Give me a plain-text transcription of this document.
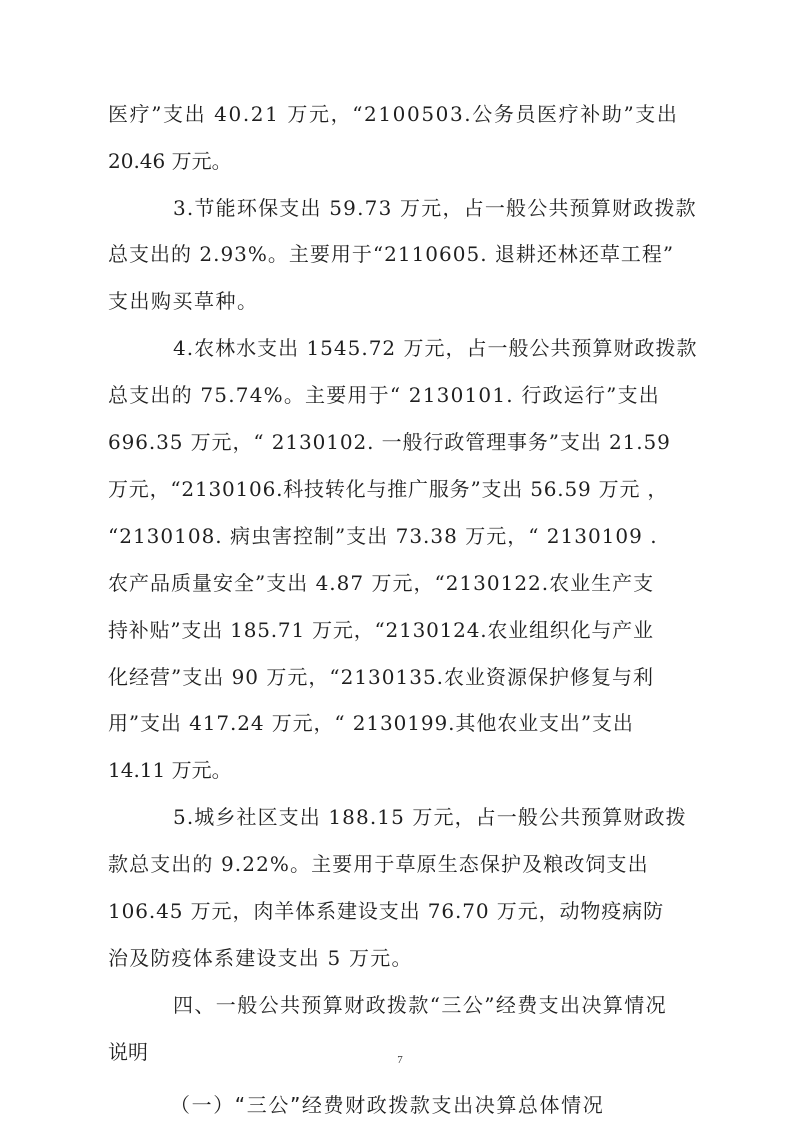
医疗”支出 40.21 万元，“2100503.公务员医疗补助”支出
20.46 万元。
3.节能环保支出 59.73 万元，占一般公共预算财政拨款
总支出的 2.93%。主要用于“2110605. 退耕还林还草工程”
支出购买草种。
4.农林水支出 1545.72 万元，占一般公共预算财政拨款
总支出的 75.74%。主要用于“ 2130101. 行政运行”支出
696.35 万元，“ 2130102. 一般行政管理事务”支出 21.59
万元，“2130106.科技转化与推广服务”支出 56.59 万元 ，
“2130108. 病虫害控制”支出 73.38 万元，“ 2130109 .
农产品质量安全”支出 4.87 万元，“2130122.农业生产支
持补贴”支出 185.71 万元，“2130124.农业组织化与产业
化经营”支出 90 万元，“2130135.农业资源保护修复与利
用”支出 417.24 万元，“ 2130199.其他农业支出”支出
14.11 万元。
5.城乡社区支出 188.15 万元，占一般公共预算财政拨
款总支出的 9.22%。主要用于草原生态保护及粮改饲支出
106.45 万元，肉羊体系建设支出 76.70 万元，动物疫病防
治及防疫体系建设支出 5 万元。
四、一般公共预算财政拨款“三公”经费支出决算情况
说明
（一）“三公”经费财政拨款支出决算总体情况
7
